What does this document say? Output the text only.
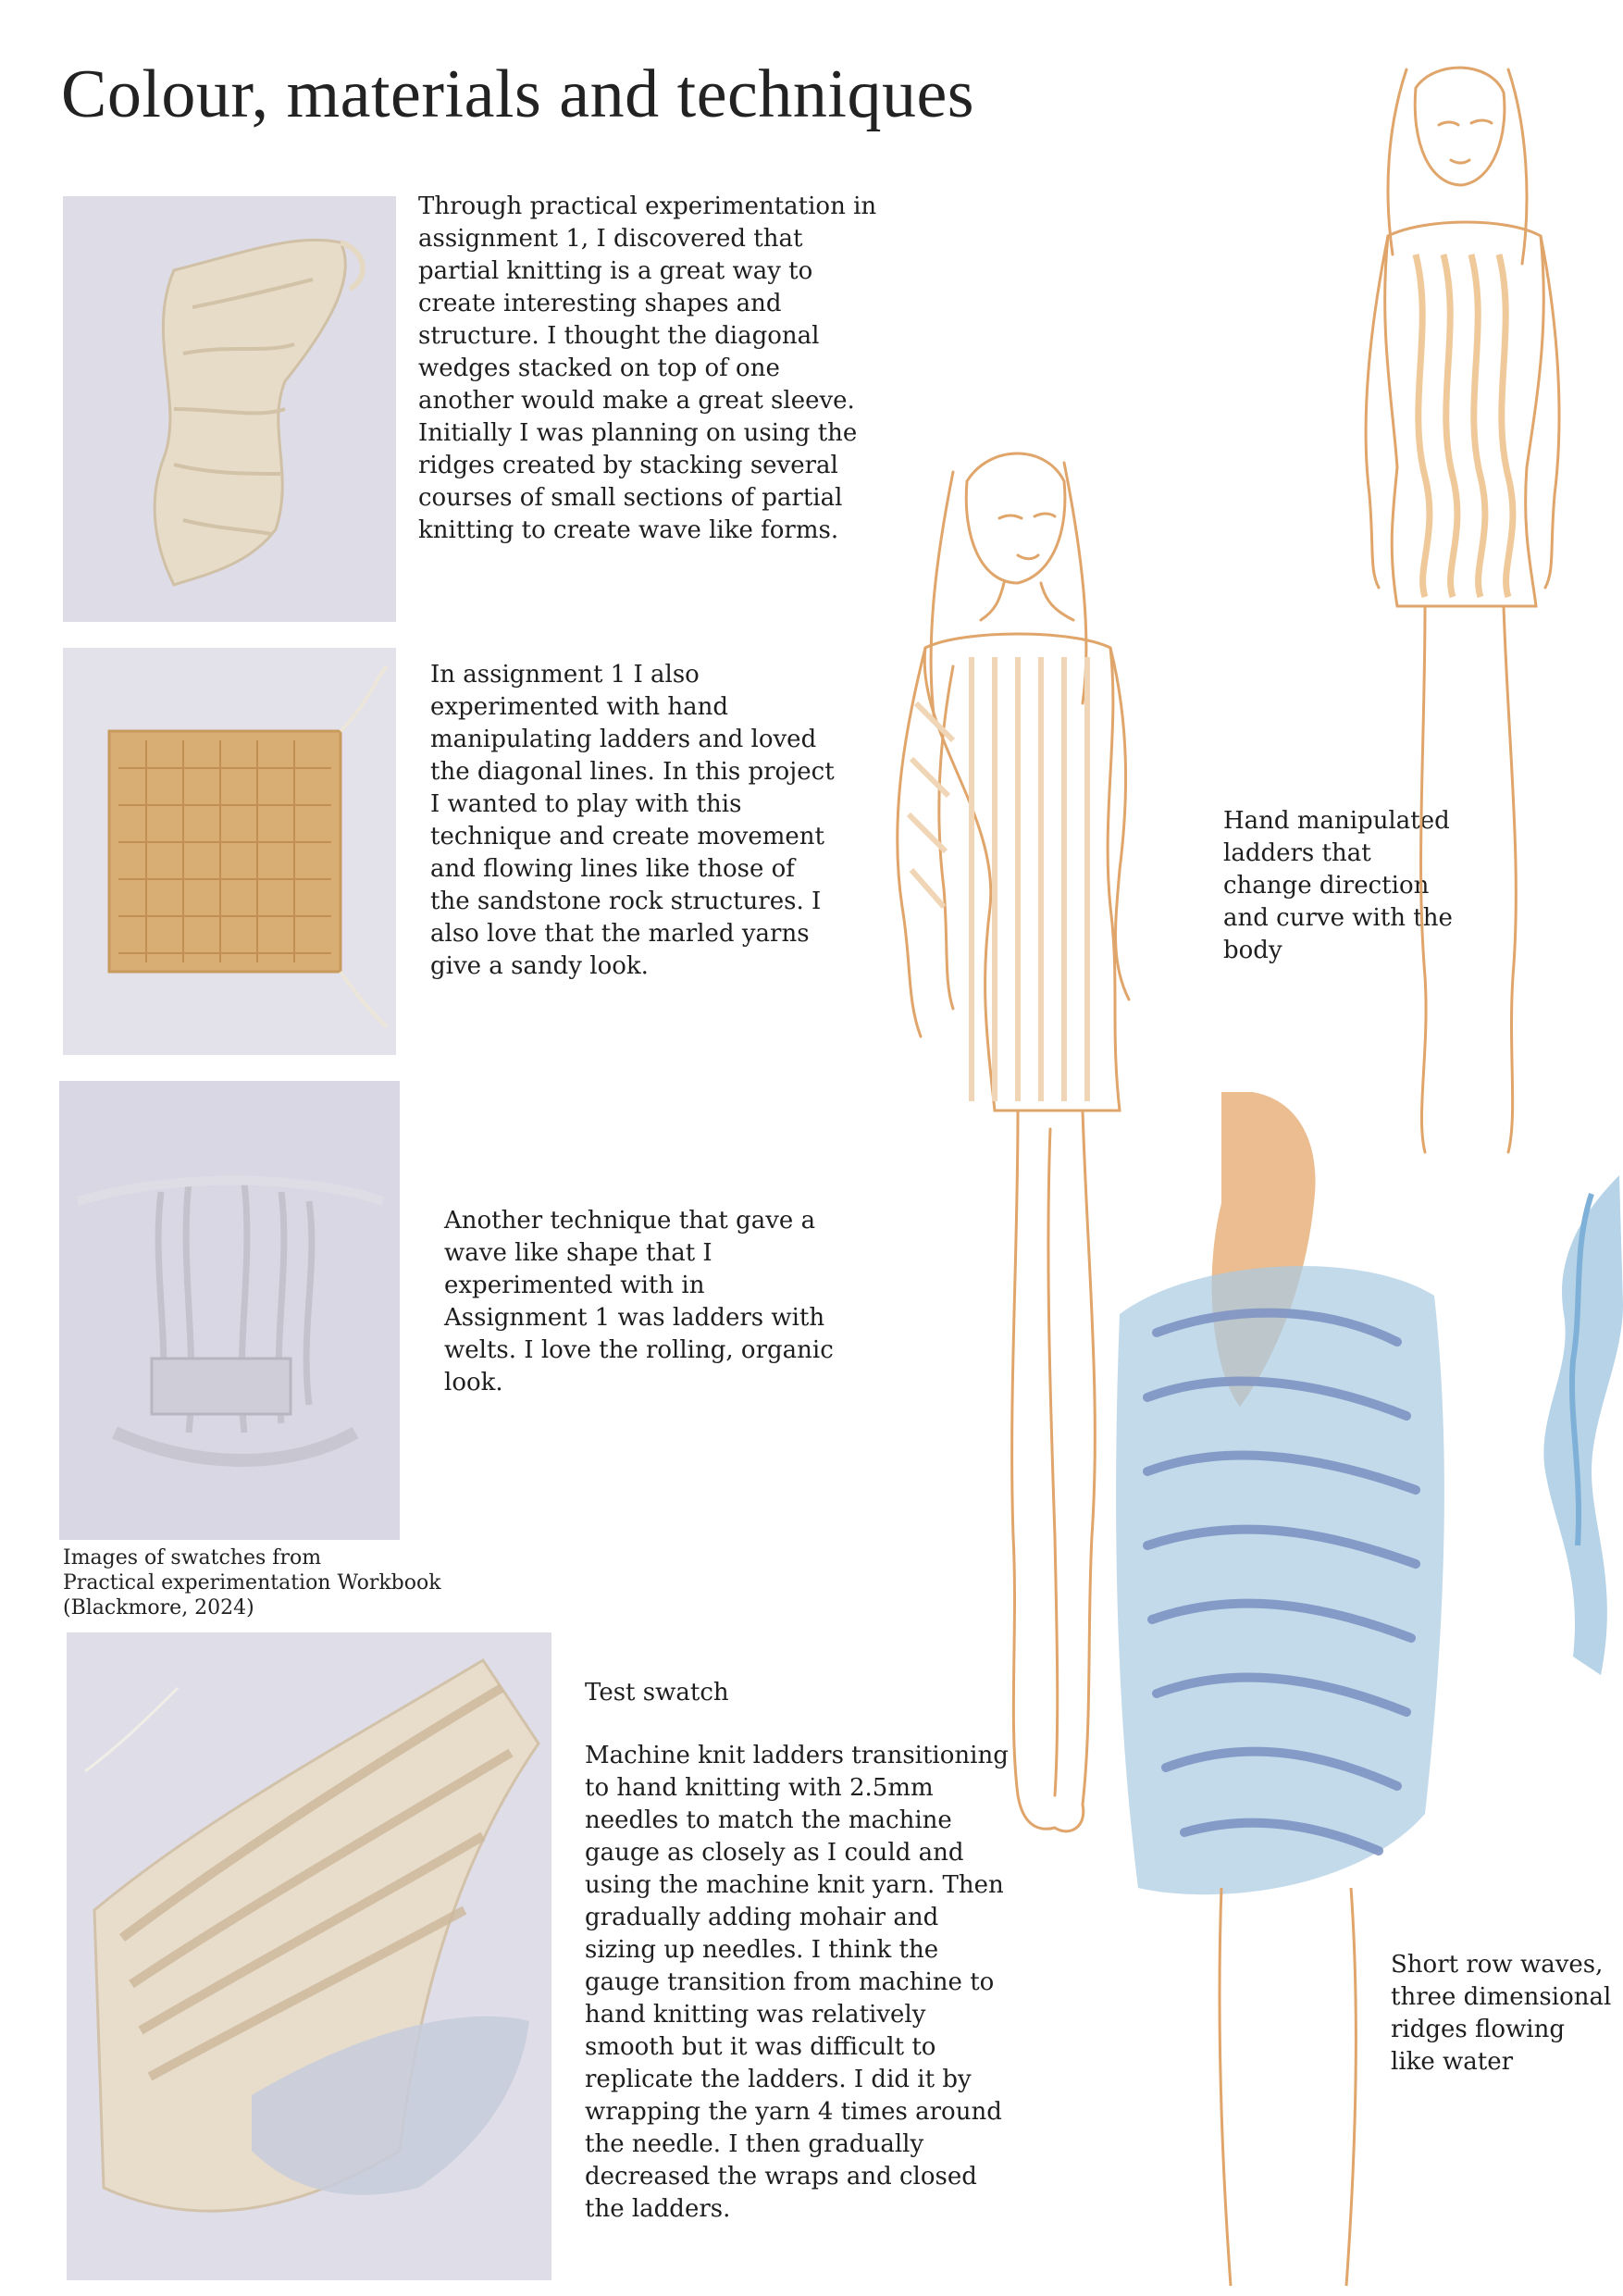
Colour, materials and techniques

Through practical experimentation in assignment 1, I discovered that partial knitting is a great way to create interesting shapes and structure. I thought the diagonal wedges stacked on top of one another would make a great sleeve. Initially I was planning on using the ridges created by stacking several courses of small sections of partial knitting to create wave like forms.

In assignment 1 I also experimented with hand manipulating ladders and loved the diagonal lines. In this project I wanted to play with this technique and create movement and flowing lines like those of the sandstone rock structures. I also love that the marled yarns give a sandy look.

Another technique that gave a wave like shape that I experimented with in Assignment 1 was ladders with welts. I love the rolling, organic look.

Test swatch

Machine knit ladders transitioning to hand knitting with 2.5mm needles to match the machine gauge as closely as I could and using the machine knit yarn. Then gradually adding mohair and sizing up needles. I think the gauge transition from machine to hand knitting was relatively smooth but it was difficult to replicate the ladders. I did it by wrapping the yarn 4 times around the needle. I then gradually decreased the wraps and closed the ladders.

Images of swatches from
Practical experimentation Workbook
(Blackmore, 2024)

Hand manipulated ladders that change direction and curve with the body

Short row waves, three dimensional ridges flowing like water
